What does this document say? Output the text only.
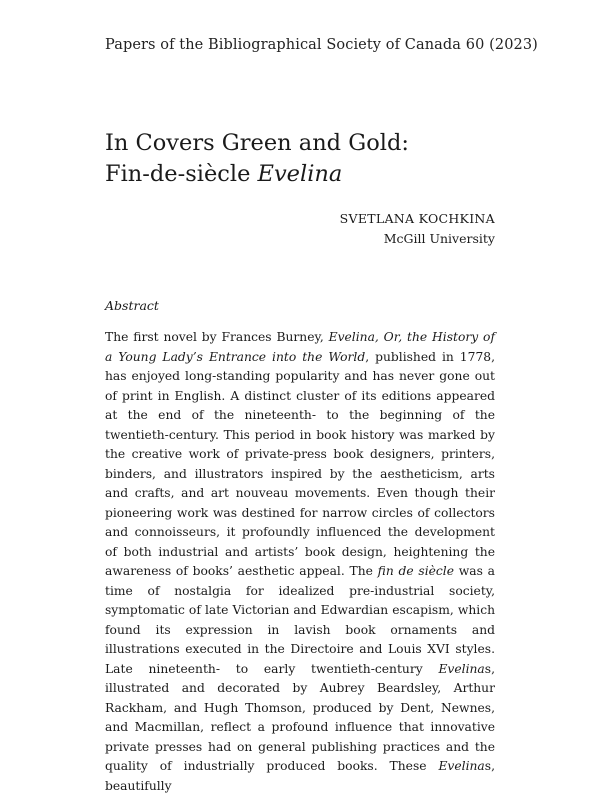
Papers of the Bibliographical Society of Canada 60 (2023)
In Covers Green and Gold:
Fin-de-siècle Evelina
SVETLANA KOCHKINA
McGill University
Abstract

The first novel by Frances Burney, Evelina, Or, the History of a Young Lady’s Entrance into the World, published in 1778, has enjoyed long-standing popularity and has never gone out of print in English. A distinct cluster of its editions appeared at the end of the nineteenth- to the beginning of the twentieth-century. This period in book history was marked by the creative work of private-press book designers, printers, binders, and illustrators inspired by the aestheticism, arts and crafts, and art nouveau movements. Even though their pioneering work was destined for narrow circles of collectors and connoisseurs, it profoundly influenced the development of both industrial and artists’ book design, heightening the awareness of books’ aesthetic appeal. The fin de siècle was a time of nostalgia for idealized pre-industrial society, symptomatic of late Victorian and Edwardian escapism, which found its expression in lavish book ornaments and illustrations executed in the Directoire and Louis XVI styles. Late nineteenth- to early twentieth-century Evelinas, illustrated and decorated by Aubrey Beardsley, Arthur Rackham, and Hugh Thomson, produced by Dent, Newnes, and Macmillan, reflect a profound influence that innovative private presses had on general publishing practices and the quality of industrially produced books. These Evelinas, beautifully
